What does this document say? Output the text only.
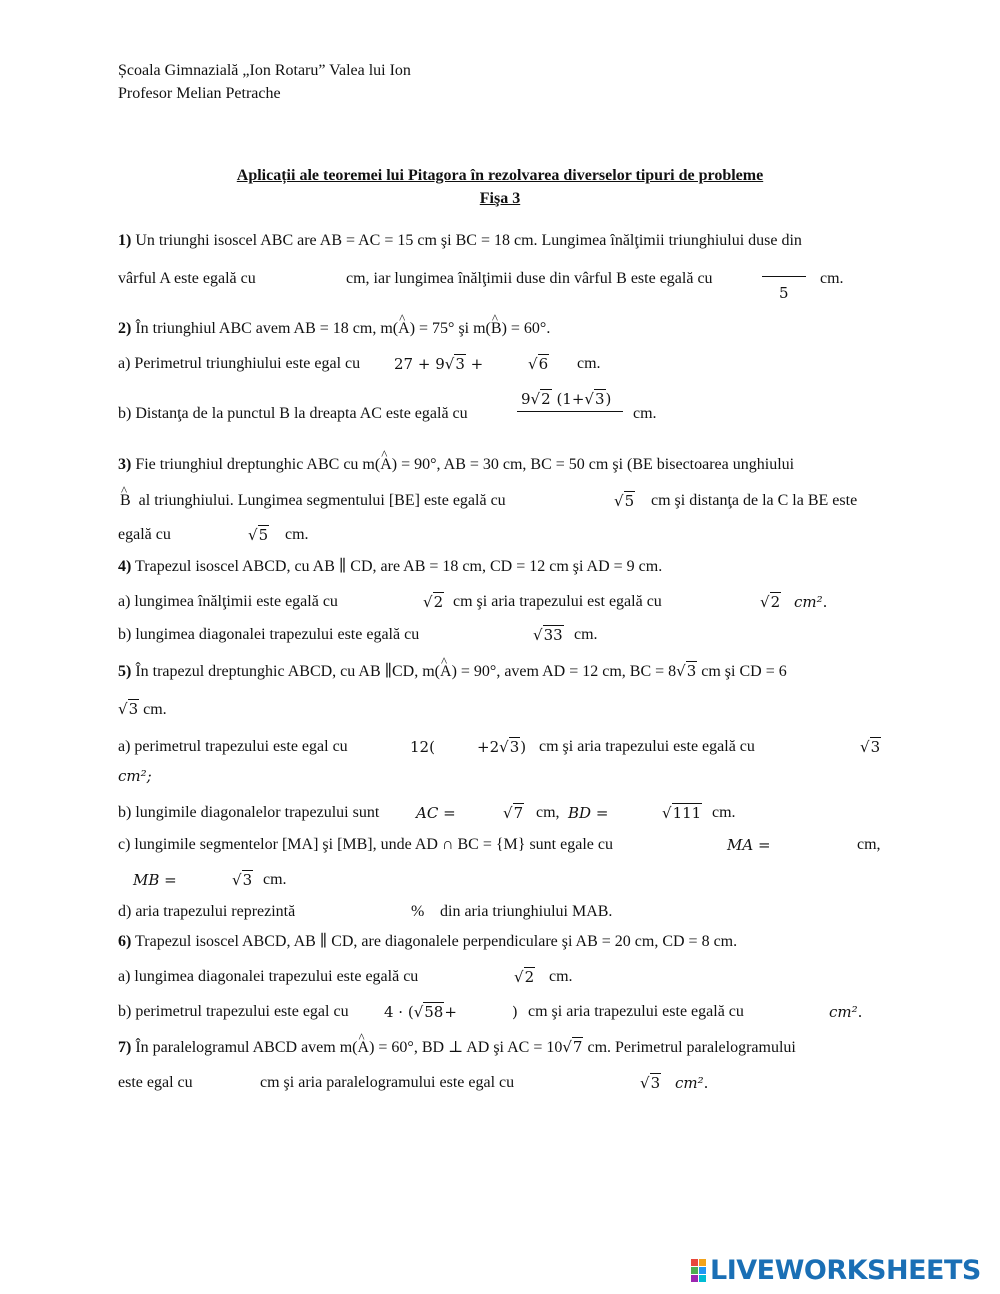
Școala Gimnazială „Ion Rotaru” Valea lui Ion
Profesor Melian Petrache
Aplicații ale teoremei lui Pitagora în rezolvarea diverselor tipuri de probleme
Fişa 3
1) Un triunghi isoscel ABC are AB = AC = 15 cm şi BC = 18 cm. Lungimea înălţimii triunghiului duse din
vârful A este egală cu	cm, iar lungimea înălţimii duse din vârful B este egală cu
5
cm.
2) În triunghiul ABC avem AB = 18 cm, m(^ A) = 75° şi m(^ B) = 60°.
a) Perimetrul triunghiului este egal cu 27 + 9√3 +	√6 cm.
b) Distanţa de la punctul B la dreapta AC este egală cu
9√2 (1+√3)
cm.
3) Fie triunghiul dreptunghic ABC cu m(^ A) = 90°, AB = 30 cm, BC = 50 cm şi (BE bisectoarea unghiului
^ B al triunghiului. Lungimea segmentului [BE] este egală cu	√5 cm şi distanţa de la C la BE este
egală cu	√5 cm.
4) Trapezul isoscel ABCD, cu AB ∥ CD, are AB = 18 cm, CD = 12 cm şi AD = 9 cm.
a) lungimea înălţimii este egală cu	√2 cm şi aria trapezului est egală cu	√2 cm².
b) lungimea diagonalei trapezului este egală cu	√33 cm.
5) În trapezul dreptunghic ABCD, cu AB ∥CD, m(^ A) = 90°, avem AD = 12 cm, BC = 8√3 cm şi CD = 6
√3 cm.
a) perimetrul trapezului este egal cu	12(	+2√3) cm şi aria trapezului este egală cu	√3
cm²;
b) lungimile diagonalelor trapezului sunt AC =	√7 cm, BD =	√111 cm.
c) lungimile segmentelor [MA] şi [MB], unde AD ∩ BC = {M} sunt egale cu	MA =	cm,
MB =	√3 cm.
d) aria trapezului reprezintă	% din aria triunghiului MAB.
6) Trapezul isoscel ABCD, AB ∥ CD, are diagonalele perpendiculare şi AB = 20 cm, CD = 8 cm.
a) lungimea diagonalei trapezului este egală cu	√2 cm.
b) perimetrul trapezului este egal cu 4 · (√58+	) cm şi aria trapezului este egală cu	cm².
7) În paralelogramul ABCD avem m(^ A) = 60°, BD ⊥ AD şi AC = 10√7 cm. Perimetrul paralelogramului
este egal cu	cm şi aria paralelogramului este egal cu	√3 cm².
LIVEWORKSHEETS
